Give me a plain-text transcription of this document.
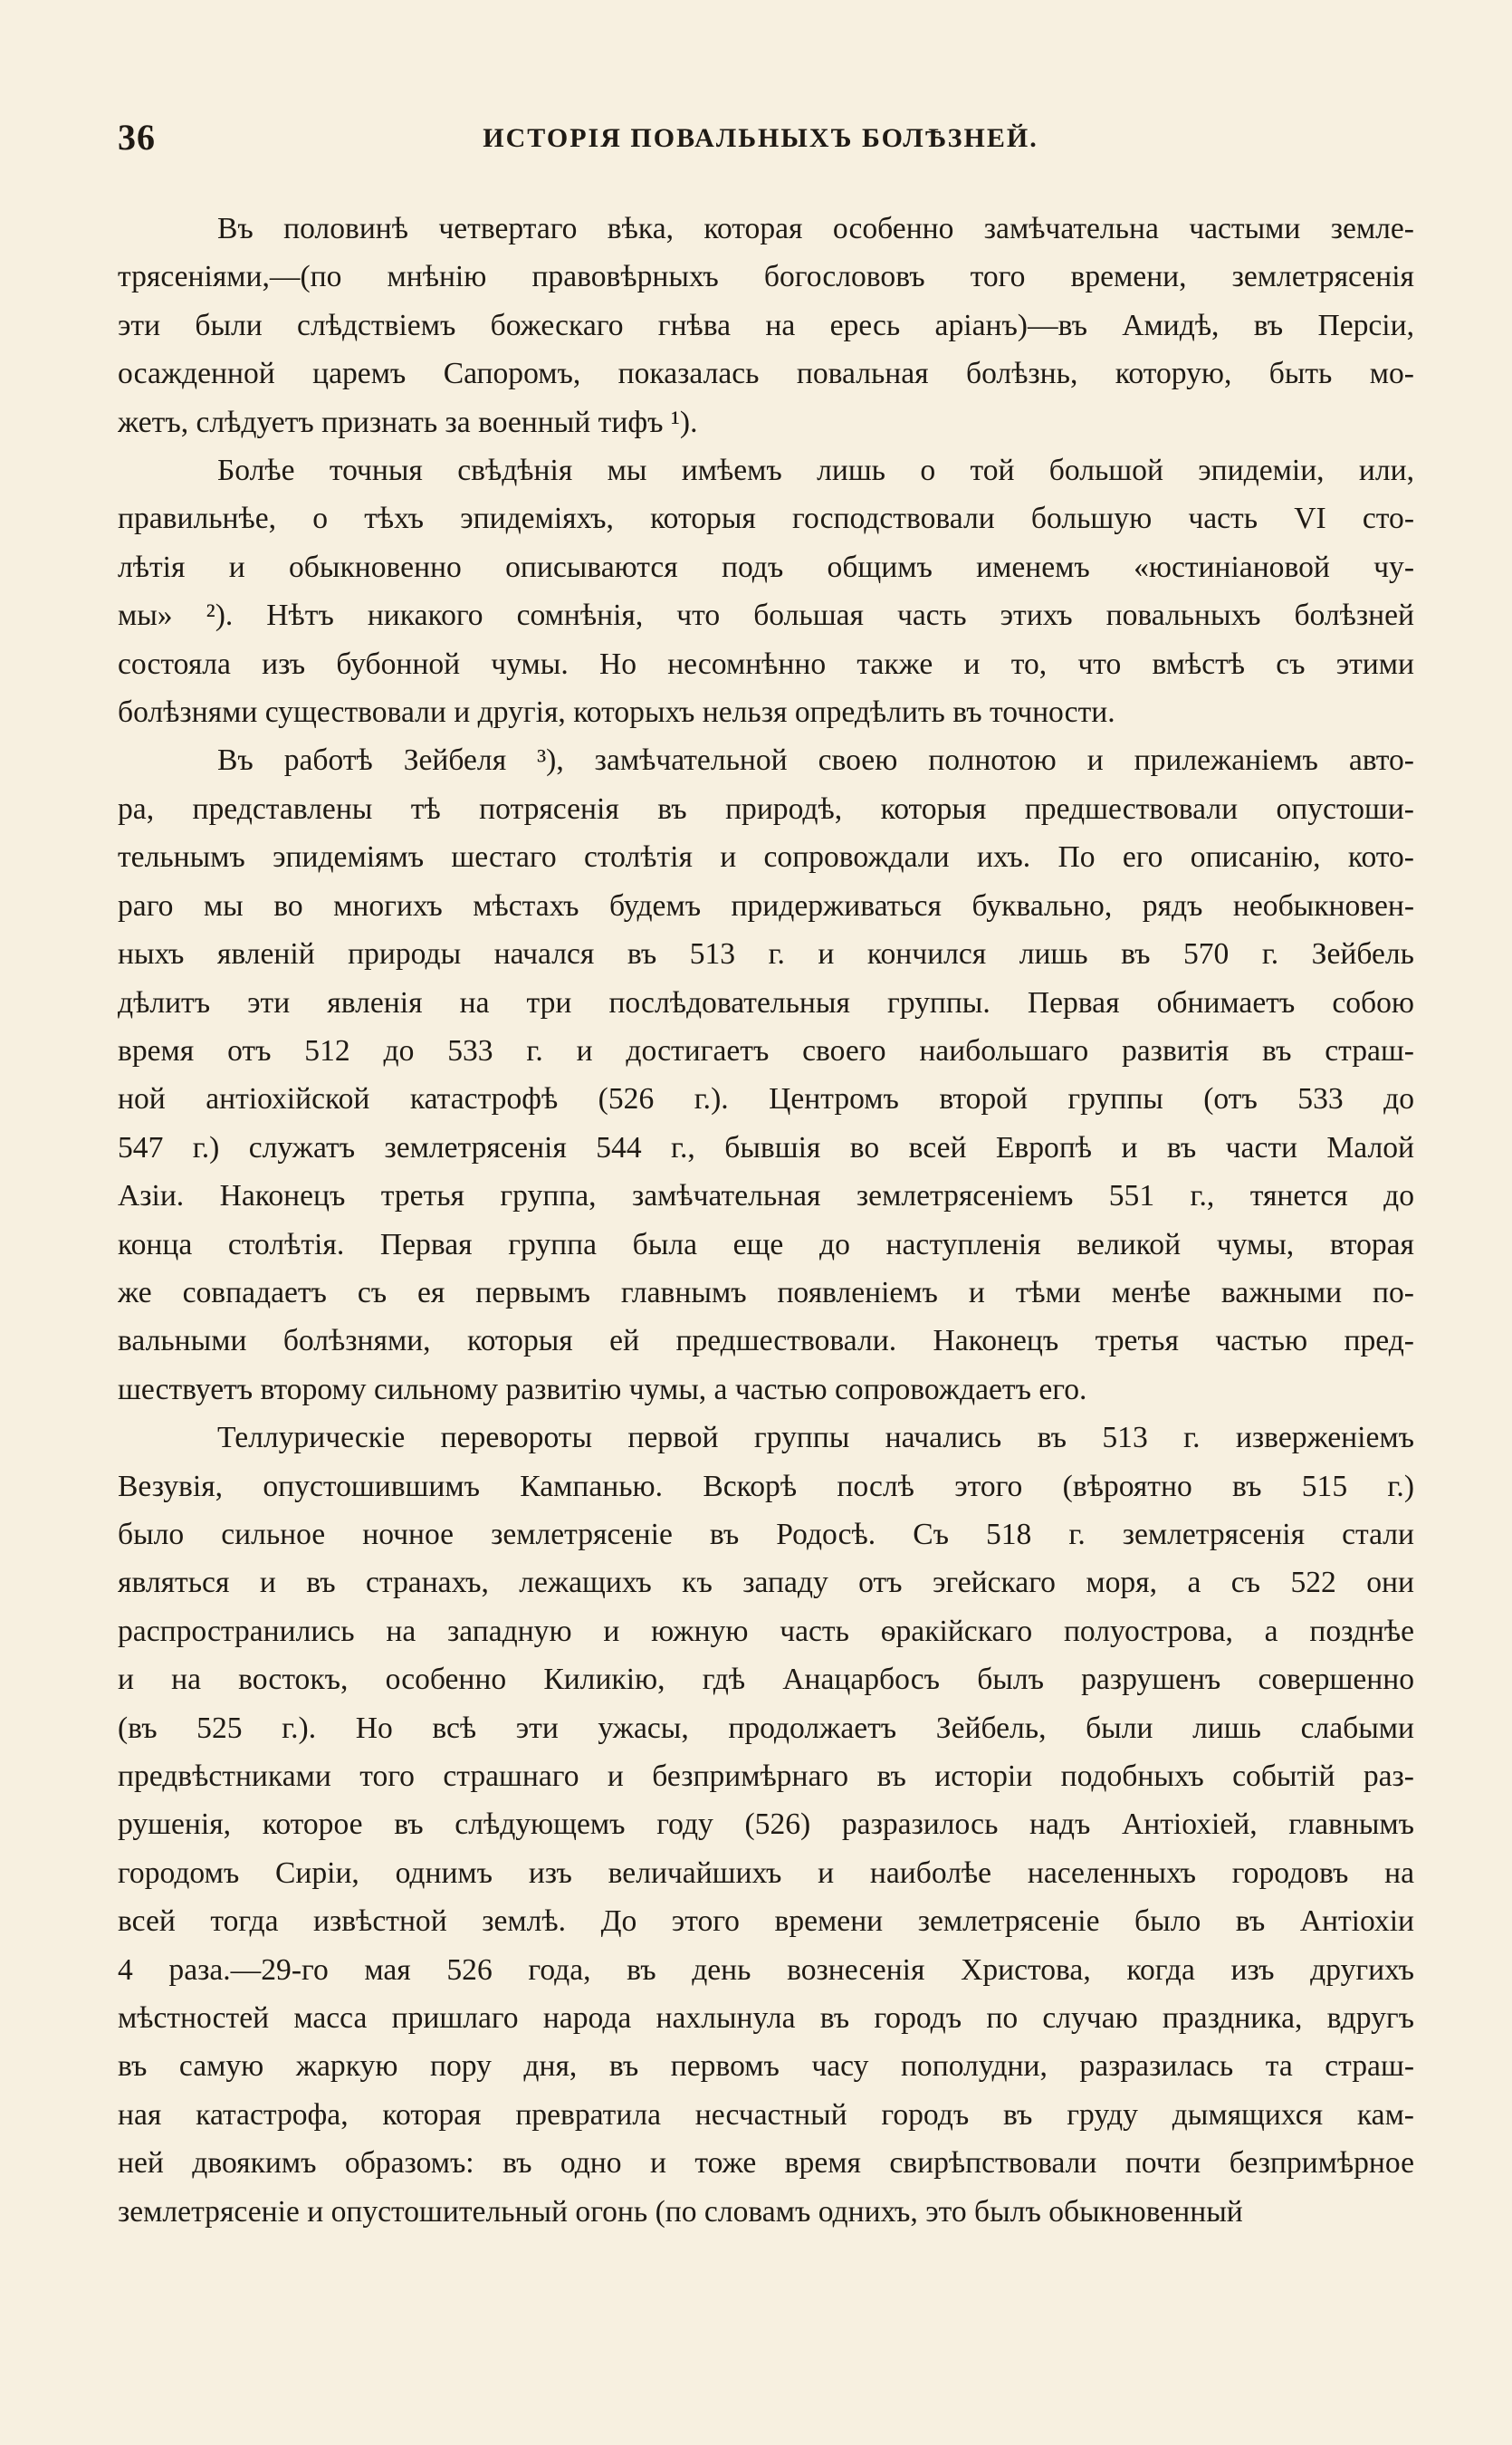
36	ИСТОРІЯ ПОВАЛЬНЫХЪ БОЛѢЗНЕЙ.
Въ половинѣ четвертаго вѣка, которая особенно замѣчательна частыми земле-
трясеніями,—(по мнѣнію правовѣрныхъ богослововъ того времени, землетрясенія
эти были слѣдствіемъ божескаго гнѣва на ересь аріанъ)—въ Амидѣ, въ Персіи,
осажденной царемъ Сапоромъ, показалась повальная болѣзнь, которую, быть мо-
жетъ, слѣдуетъ признать за военный тифъ ¹).
Болѣе точныя свѣдѣнія мы имѣемъ лишь о той большой эпидеміи, или,
правильнѣе, о тѣхъ эпидеміяхъ, которыя господствовали большую часть VI сто-
лѣтія и обыкновенно описываются подъ общимъ именемъ «юстиніановой чу-
мы» ²). Нѣтъ никакого сомнѣнія, что большая часть этихъ повальныхъ болѣзней
состояла изъ бубонной чумы. Но несомнѣнно также и то, что вмѣстѣ съ этими
болѣзнями существовали и другія, которыхъ нельзя опредѣлить въ точности.
Въ работѣ Зейбеля ³), замѣчательной своею полнотою и прилежаніемъ авто-
ра, представлены тѣ потрясенія въ природѣ, которыя предшествовали опустоши-
тельнымъ эпидеміямъ шестаго столѣтія и сопровождали ихъ. По его описанію, кото-
раго мы во многихъ мѣстахъ будемъ придерживаться буквально, рядъ необыкновен-
ныхъ явленій природы начался въ 513 г. и кончился лишь въ 570 г. Зейбель
дѣлитъ эти явленія на три послѣдовательныя группы. Первая обнимаетъ собою
время отъ 512 до 533 г. и достигаетъ своего наибольшаго развитія въ страш-
ной антіохійской катастрофѣ (526 г.). Центромъ второй группы (отъ 533 до
547 г.) служатъ землетрясенія 544 г., бывшія во всей Европѣ и въ части Малой
Азіи. Наконецъ третья группа, замѣчательная землетрясеніемъ 551 г., тянется до
конца столѣтія. Первая группа была еще до наступленія великой чумы, вторая
же совпадаетъ съ ея первымъ главнымъ появленіемъ и тѣми менѣе важными по-
вальными болѣзнями, которыя ей предшествовали. Наконецъ третья частью пред-
шествуетъ второму сильному развитію чумы, а частью сопровождаетъ его.
Теллурическіе перевороты первой группы начались въ 513 г. изверженіемъ
Везувія, опустошившимъ Кампанью. Вскорѣ послѣ этого (вѣроятно въ 515 г.)
было сильное ночное землетрясеніе въ Родосѣ. Съ 518 г. землетрясенія стали
являться и въ странахъ, лежащихъ къ западу отъ эгейскаго моря, а съ 522 они
распространились на западную и южную часть ѳракійскаго полуострова, а позднѣе
и на востокъ, особенно Киликію, гдѣ Анацарбосъ былъ разрушенъ совершенно
(въ 525 г.). Но всѣ эти ужасы, продолжаетъ Зейбель, были лишь слабыми
предвѣстниками того страшнаго и безпримѣрнаго въ исторіи подобныхъ событій раз-
рушенія, которое въ слѣдующемъ году (526) разразилось надъ Антіохіей, главнымъ
городомъ Сиріи, однимъ изъ величайшихъ и наиболѣе населенныхъ городовъ на
всей тогда извѣстной землѣ. До этого времени землетрясеніе было въ Антіохіи
4 раза.—29-го мая 526 года, въ день вознесенія Христова, когда изъ другихъ
мѣстностей масса пришлаго народа нахлынула въ городъ по случаю праздника, вдругъ
въ самую жаркую пору дня, въ первомъ часу пополудни, разразилась та страш-
ная катастрофа, которая превратила несчастный городъ въ груду дымящихся кам-
ней двоякимъ образомъ: въ одно и тоже время свирѣпствовали почти безпримѣрное
землетрясеніе и опустошительный огонь (по словамъ однихъ, это былъ обыкновенный
